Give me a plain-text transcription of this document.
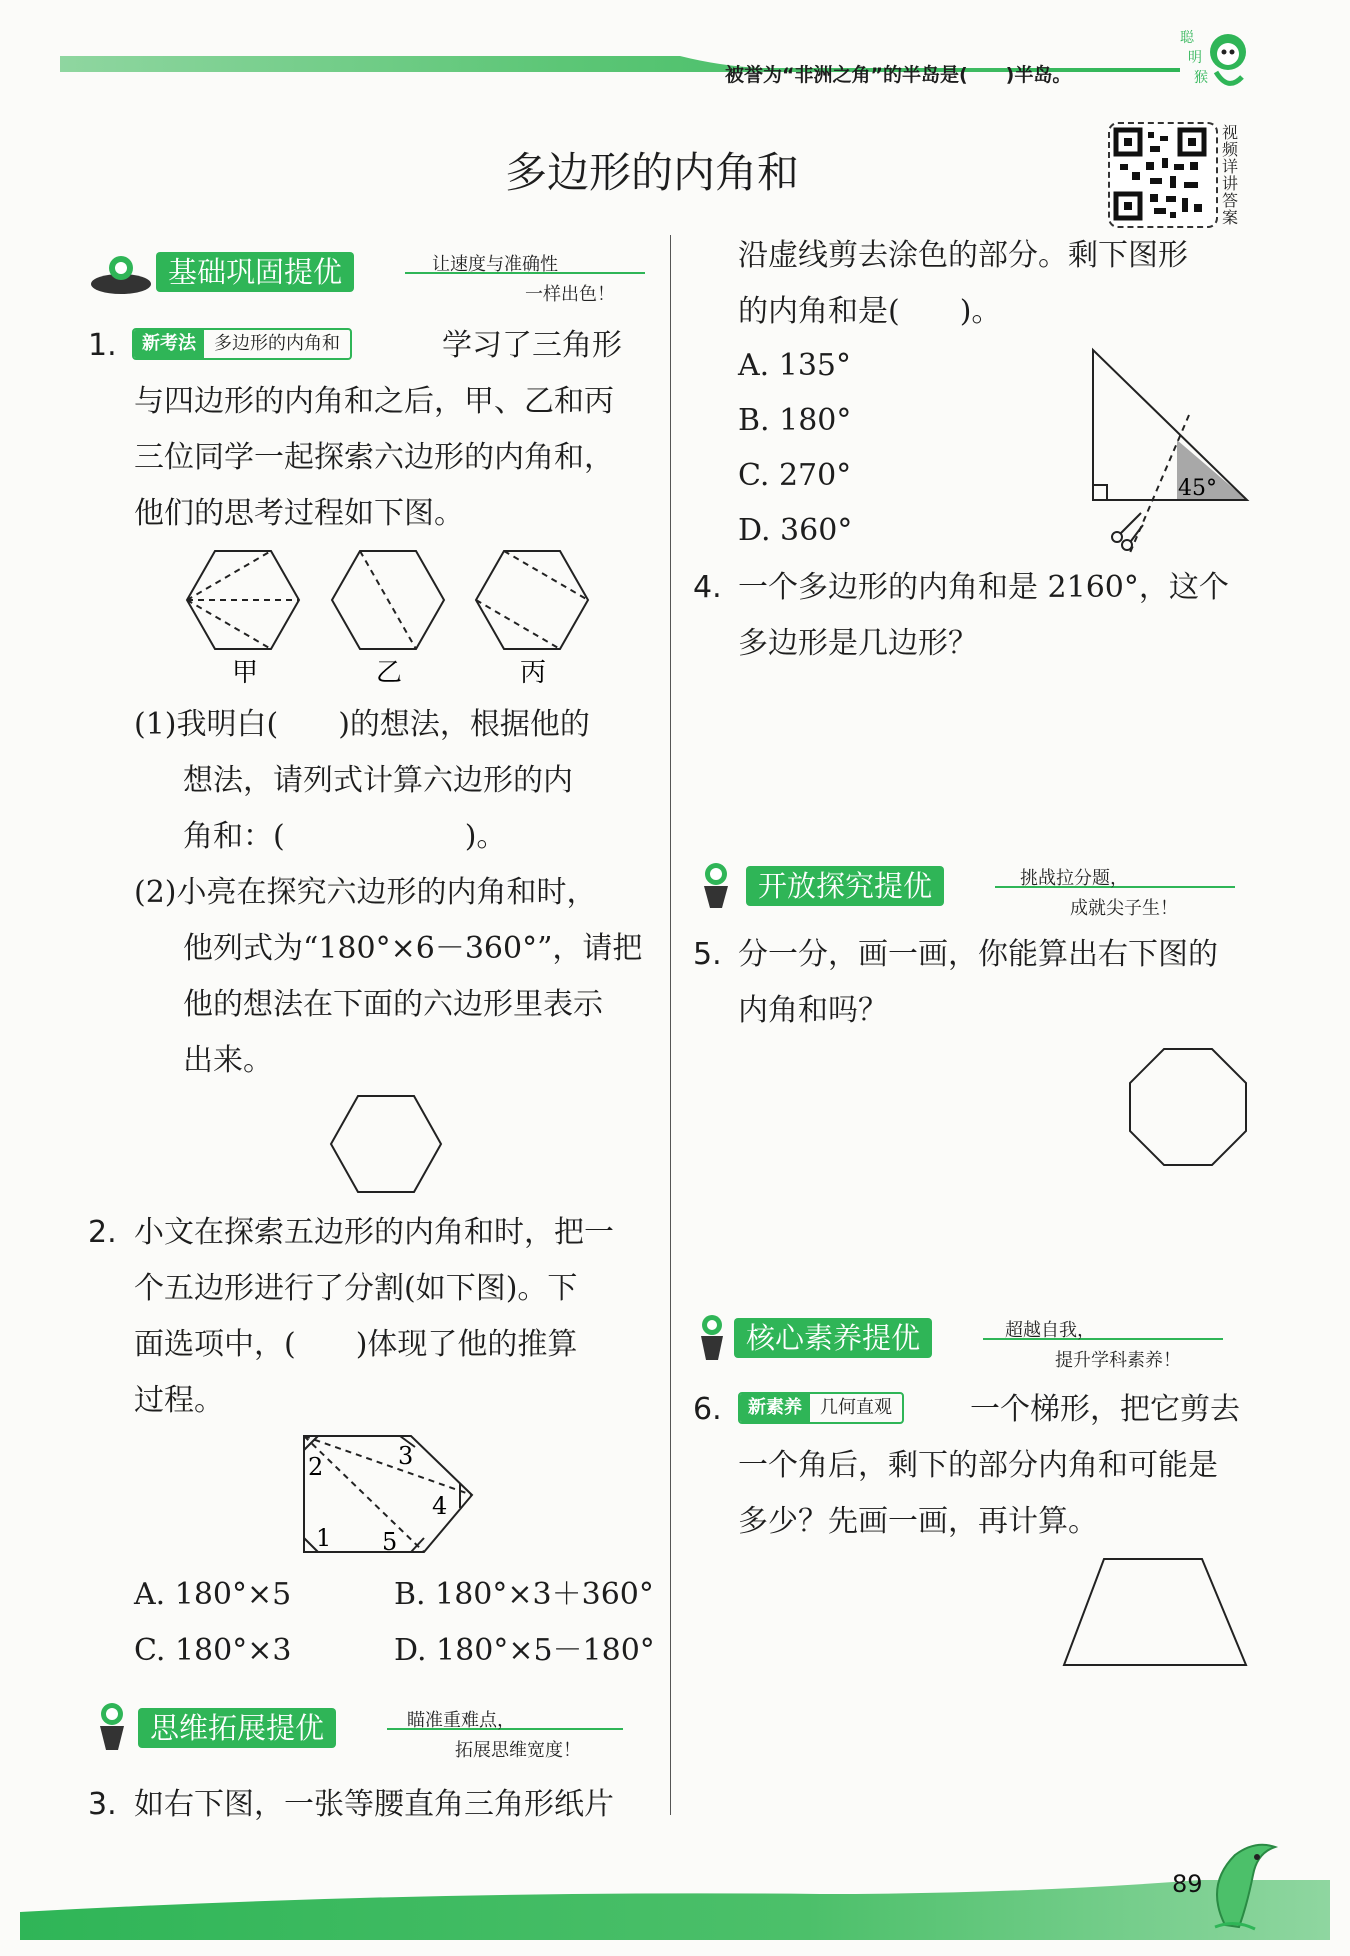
被誉为“非洲之角”的半岛是(　　)半岛。
聪
明
猴
多边形的内角和
视频详讲答案
基础巩固提优	让速度与准确性
一样出色！
1.	新考法	多边形的内角和	学习了三角形
与四边形的内角和之后，甲、乙和丙
三位同学一起探索六边形的内角和，
他们的思考过程如下图。
甲	乙	丙
(1)我明白(　　)的想法，根据他的
想法，请列式计算六边形的内
角和：(　　　　　　)。
(2)小亮在探究六边形的内角和时，
他列式为“180°×6－360°”，请把
他的想法在下面的六边形里表示
出来。
2. 小文在探索五边形的内角和时，把一
个五边形进行了分割(如下图)。下
面选项中，(　　)体现了他的推算
过程。
1
2	3
4
5
A. 180°×5	B. 180°×3＋360°
C. 180°×3	D. 180°×5－180°
思维拓展提优	瞄准重难点，
拓展思维宽度！
3. 如右下图，一张等腰直角三角形纸片
沿虚线剪去涂色的部分。剩下图形
的内角和是(　　)。
A. 135°
B. 180°
C. 270°
D. 360°
45°
4. 一个多边形的内角和是 2160°，这个
多边形是几边形？
开放探究提优	挑战拉分题，
成就尖子生！
5. 分一分，画一画，你能算出右下图的
内角和吗？
核心素养提优	超越自我，
提升学科素养！
6.	新素养	几何直观	一个梯形，把它剪去
一个角后，剩下的部分内角和可能是
多少？先画一画，再计算。
89
